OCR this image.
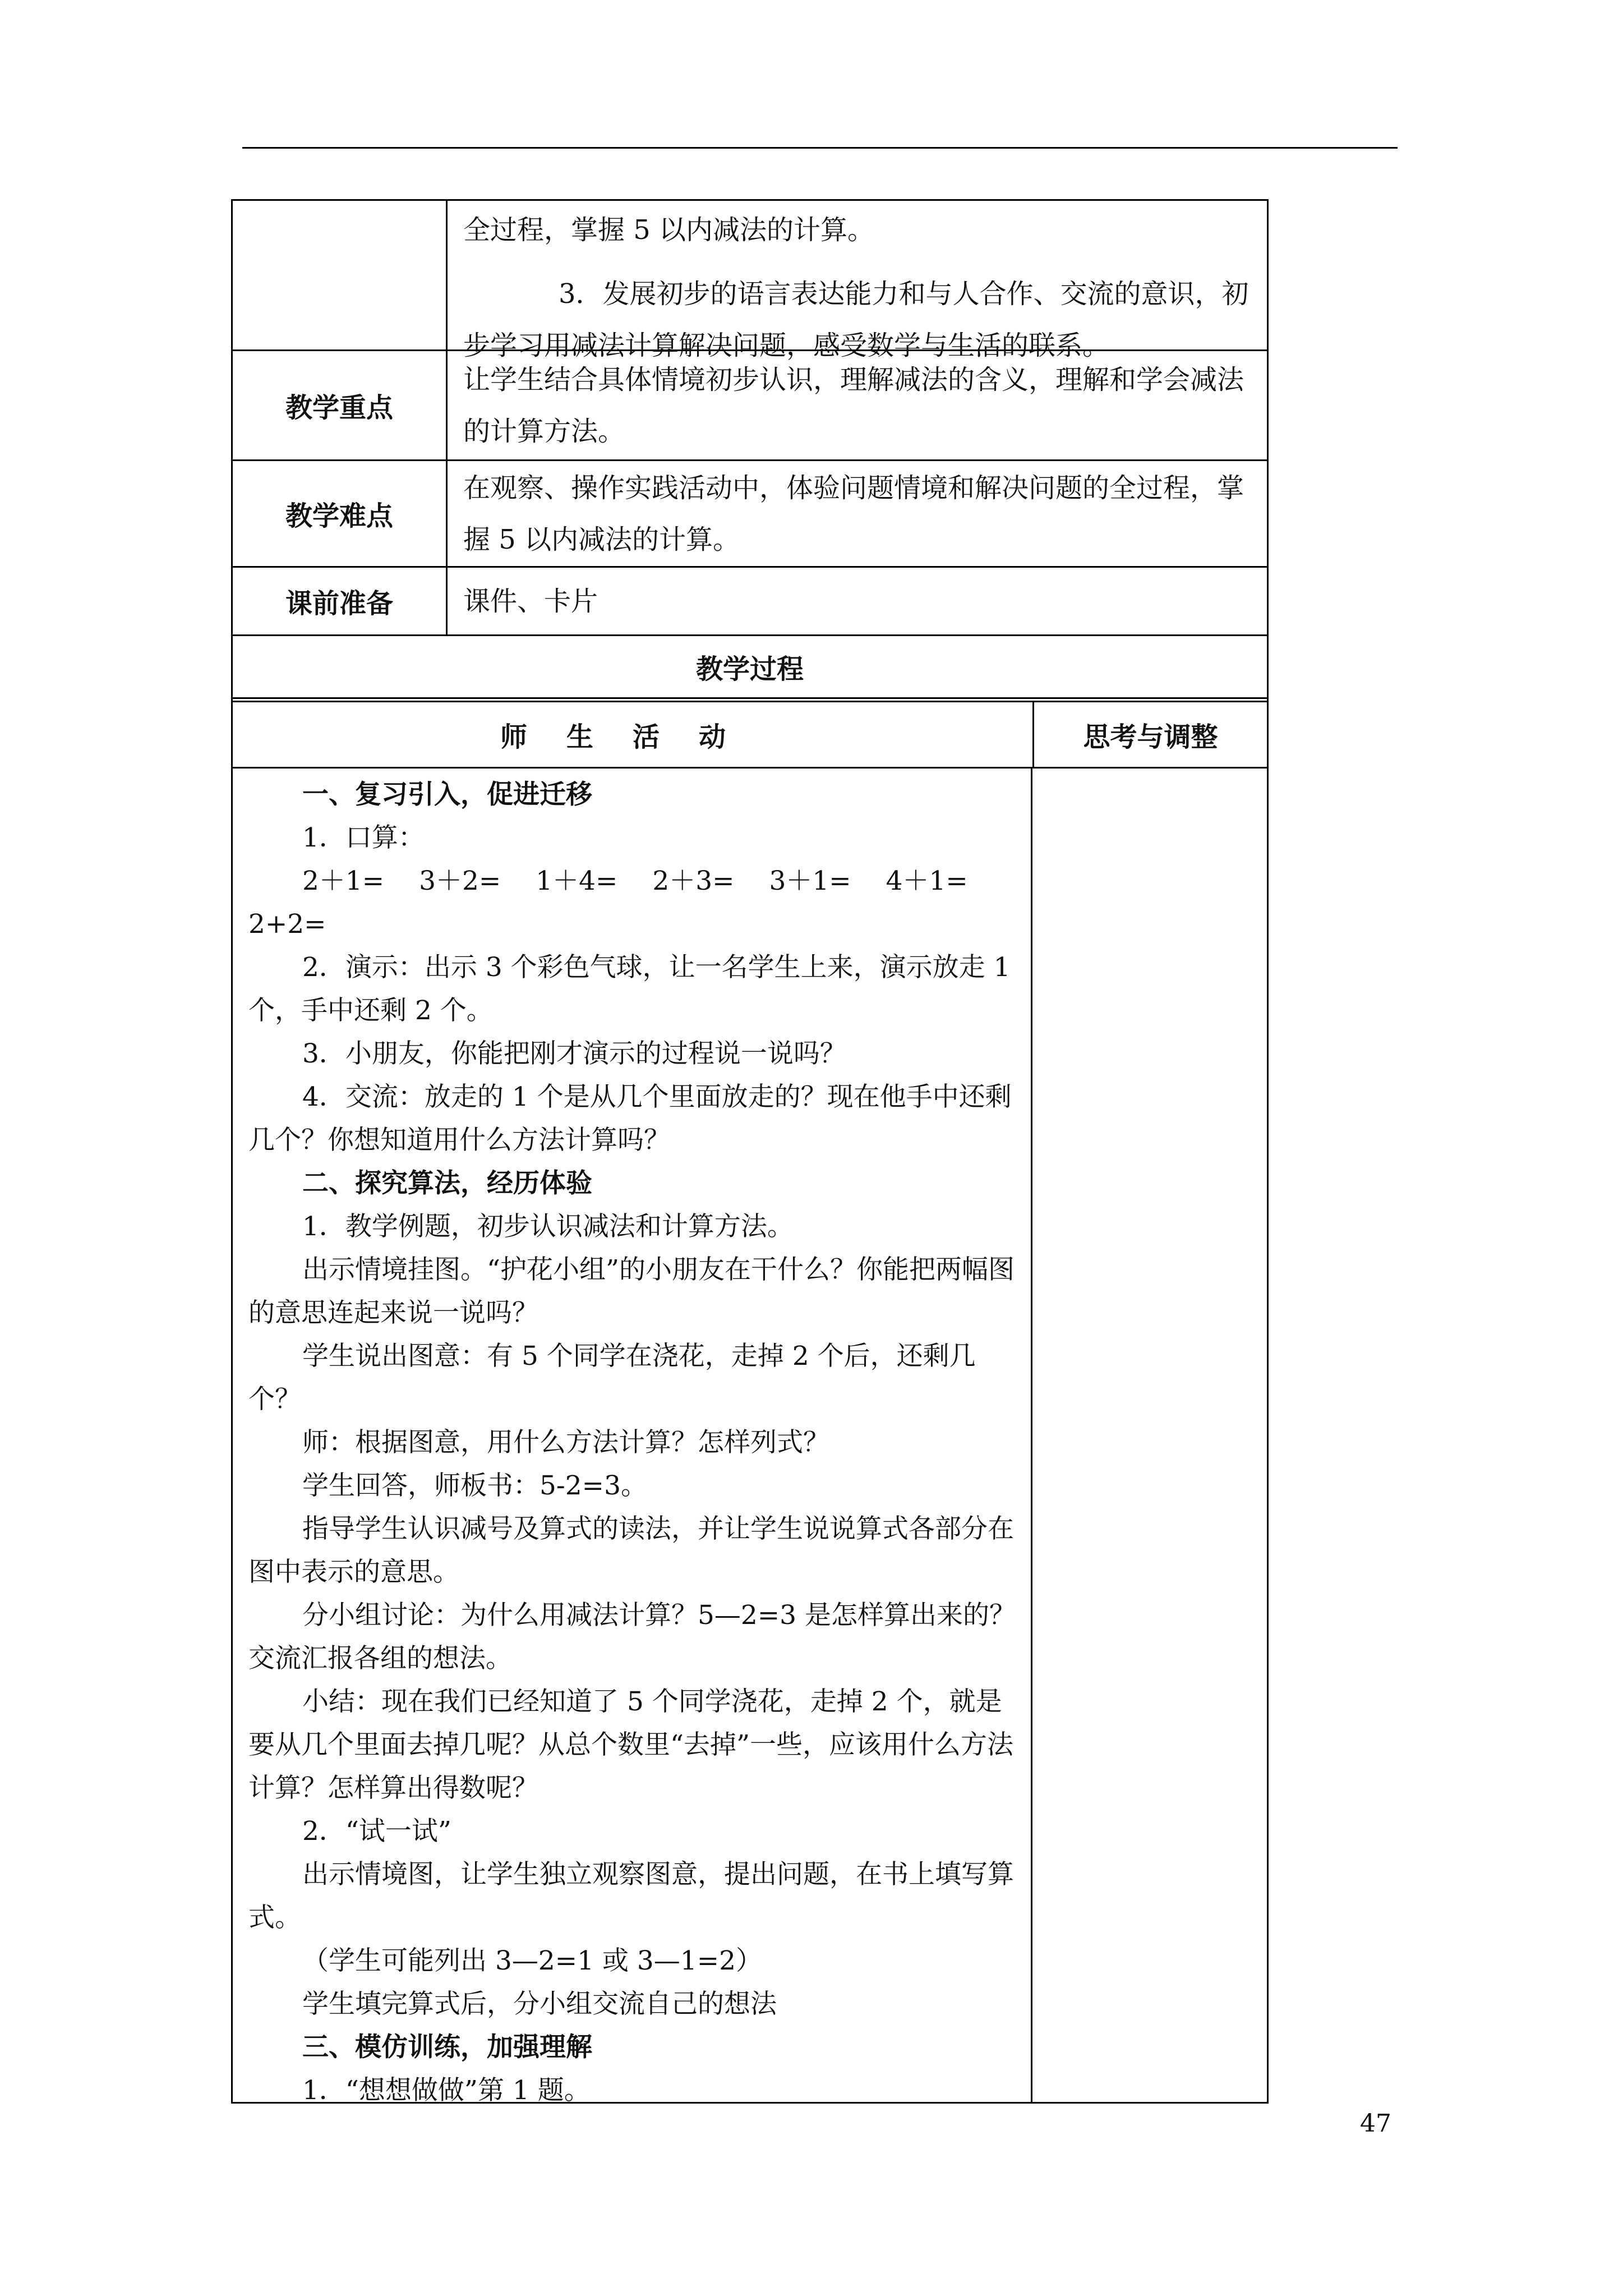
全过程，掌握 5 以内减法的计算。

3．发展初步的语言表达能力和与人合作、交流的意识，初步学习用减法计算解决问题，感受数学与生活的联系。

教学重点

让学生结合具体情境初步认识，理解减法的含义，理解和学会减法的计算方法。

教学难点

在观察、操作实践活动中，体验问题情境和解决问题的全过程，掌握 5 以内减法的计算。

课前准备	课件、卡片

教学过程
师生活动	思考与调整

一、复习引入，促进迁移

1．口算：

2＋1=　 3＋2=　 1＋4=　 2＋3=　 3＋1=　 4＋1=　 2+2=

2．演示：出示 3 个彩色气球，让一名学生上来，演示放走 1 个，手中还剩 2 个。

3．小朋友，你能把刚才演示的过程说一说吗？

4．交流：放走的 1 个是从几个里面放走的？现在他手中还剩几个？你想知道用什么方法计算吗？

二、探究算法，经历体验

1．教学例题，初步认识减法和计算方法。

出示情境挂图。“护花小组”的小朋友在干什么？你能把两幅图的意思连起来说一说吗？

学生说出图意：有 5 个同学在浇花，走掉 2 个后，还剩几个？

师：根据图意，用什么方法计算？怎样列式？

学生回答，师板书：5-2=3。

指导学生认识减号及算式的读法，并让学生说说算式各部分在图中表示的意思。

分小组讨论：为什么用减法计算？5—2=3 是怎样算出来的？交流汇报各组的想法。

小结：现在我们已经知道了 5 个同学浇花，走掉 2 个，就是要从几个里面去掉几呢？从总个数里“去掉”一些，应该用什么方法计算？怎样算出得数呢？

2．“试一试”

出示情境图，让学生独立观察图意，提出问题，在书上填写算式。

（学生可能列出 3—2=1 或 3—1=2）

学生填完算式后，分小组交流自己的想法

三、模仿训练，加强理解

1．“想想做做”第 1 题。

47
